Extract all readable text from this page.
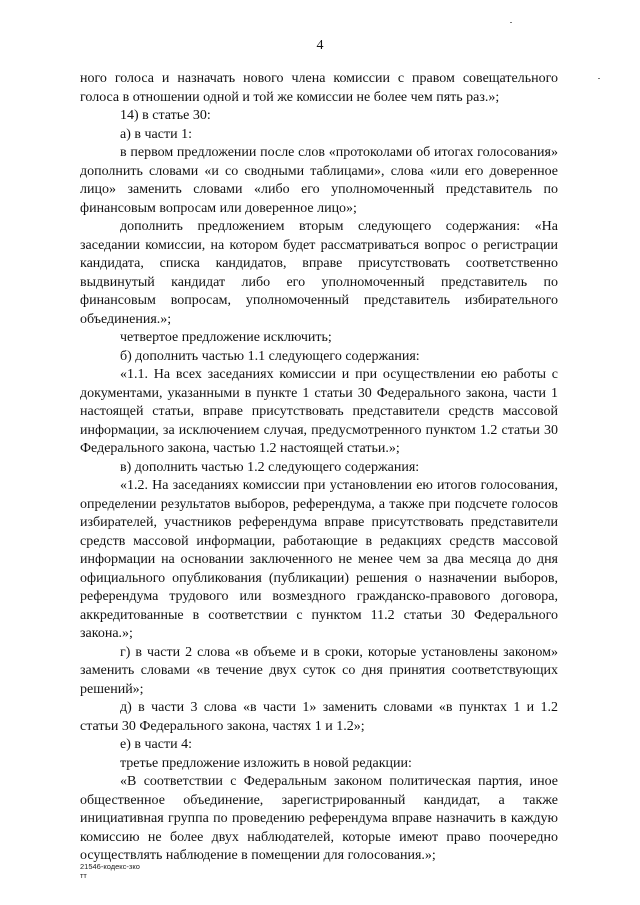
4

ного голоса и назначать нового члена комиссии с правом совещательного голоса в отношении одной и той же комиссии не более чем пять раз.»;

14) в статье 30:

а) в части 1:

в первом предложении после слов «протоколами об итогах голосования» дополнить словами «и со сводными таблицами», слова «или его доверенное лицо» заменить словами «либо его уполномоченный представитель по финансовым вопросам или доверенное лицо»;

дополнить предложением вторым следующего содержания: «На заседании комиссии, на котором будет рассматриваться вопрос о регистрации кандидата, списка кандидатов, вправе присутствовать соответственно выдвинутый кандидат либо его уполномоченный представитель по финансовым вопросам, уполномоченный представитель избирательного объединения.»;

четвертое предложение исключить;

б) дополнить частью 1.1 следующего содержания:

«1.1. На всех заседаниях комиссии и при осуществлении ею работы с документами, указанными в пункте 1 статьи 30 Федерального закона, части 1 настоящей статьи, вправе присутствовать представители средств массовой информации, за исключением случая, предусмотренного пунктом 1.2 статьи 30 Федерального закона, частью 1.2 настоящей статьи.»;

в) дополнить частью 1.2 следующего содержания:

«1.2. На заседаниях комиссии при установлении ею итогов голосования, определении результатов выборов, референдума, а также при подсчете голосов избирателей, участников референдума вправе присутствовать представители средств массовой информации, работающие в редакциях средств массовой информации на основании заключенного не менее чем за два месяца до дня официального опубликования (публикации) решения о назначении выборов, референдума трудового или возмездного гражданско-правового договора, аккредитованные в соответствии с пунктом 11.2 статьи 30 Федерального закона.»;

г) в части 2 слова «в объеме и в сроки, которые установлены законом» заменить словами «в течение двух суток со дня принятия соответствующих решений»;

д) в части 3 слова «в части 1» заменить словами «в пунктах 1 и 1.2 статьи 30 Федерального закона, частях 1 и 1.2»;

е) в части 4:

третье предложение изложить в новой редакции:

«В соответствии с Федеральным законом политическая партия, иное общественное объединение, зарегистрированный кандидат, а также инициативная группа по проведению референдума вправе назначить в каждую комиссию не более двух наблюдателей, которые имеют право поочередно осуществлять наблюдение в помещении для голосования.»;

21546-кодекс-зко
тт
